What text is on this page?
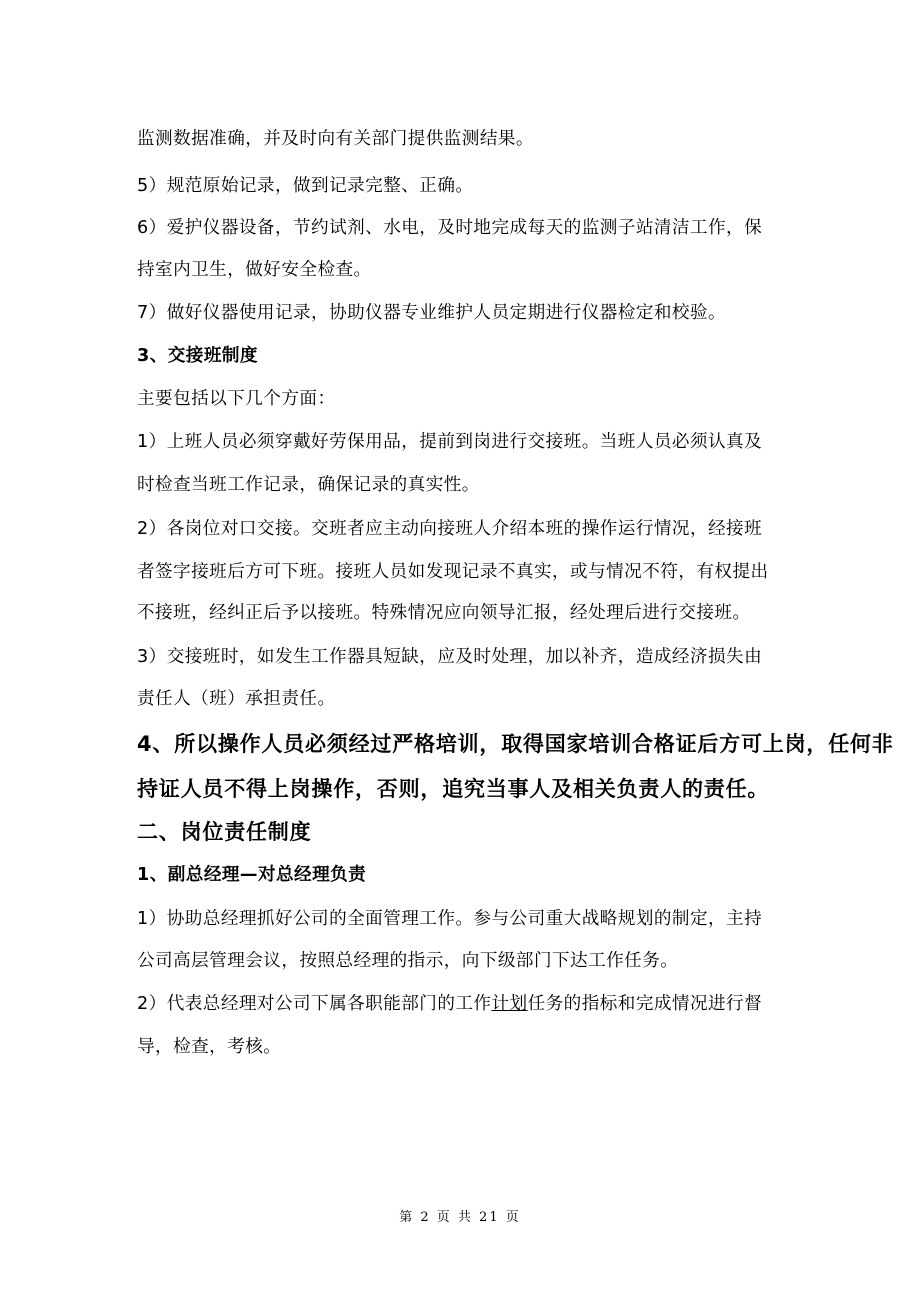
监测数据准确，并及时向有关部门提供监测结果。
5）规范原始记录，做到记录完整、正确。
6）爱护仪器设备，节约试剂、水电，及时地完成每天的监测子站清洁工作，保
持室内卫生，做好安全检查。
7）做好仪器使用记录，协助仪器专业维护人员定期进行仪器检定和校验。
3、交接班制度
主要包括以下几个方面：
1）上班人员必须穿戴好劳保用品，提前到岗进行交接班。当班人员必须认真及
时检查当班工作记录，确保记录的真实性。
2）各岗位对口交接。交班者应主动向接班人介绍本班的操作运行情况，经接班
者签字接班后方可下班。接班人员如发现记录不真实，或与情况不符，有权提出
不接班，经纠正后予以接班。特殊情况应向领导汇报，经处理后进行交接班。
3）交接班时，如发生工作器具短缺，应及时处理，加以补齐，造成经济损失由
责任人（班）承担责任。
4、所以操作人员必须经过严格培训，取得国家培训合格证后方可上岗，任何非
持证人员不得上岗操作，否则，追究当事人及相关负责人的责任。
二、岗位责任制度
1、副总经理—对总经理负责
1）协助总经理抓好公司的全面管理工作。参与公司重大战略规划的制定，主持
公司高层管理会议，按照总经理的指示，向下级部门下达工作任务。
2）代表总经理对公司下属各职能部门的工作计划任务的指标和完成情况进行督
导，检查，考核。
第 2 页 共 21 页
